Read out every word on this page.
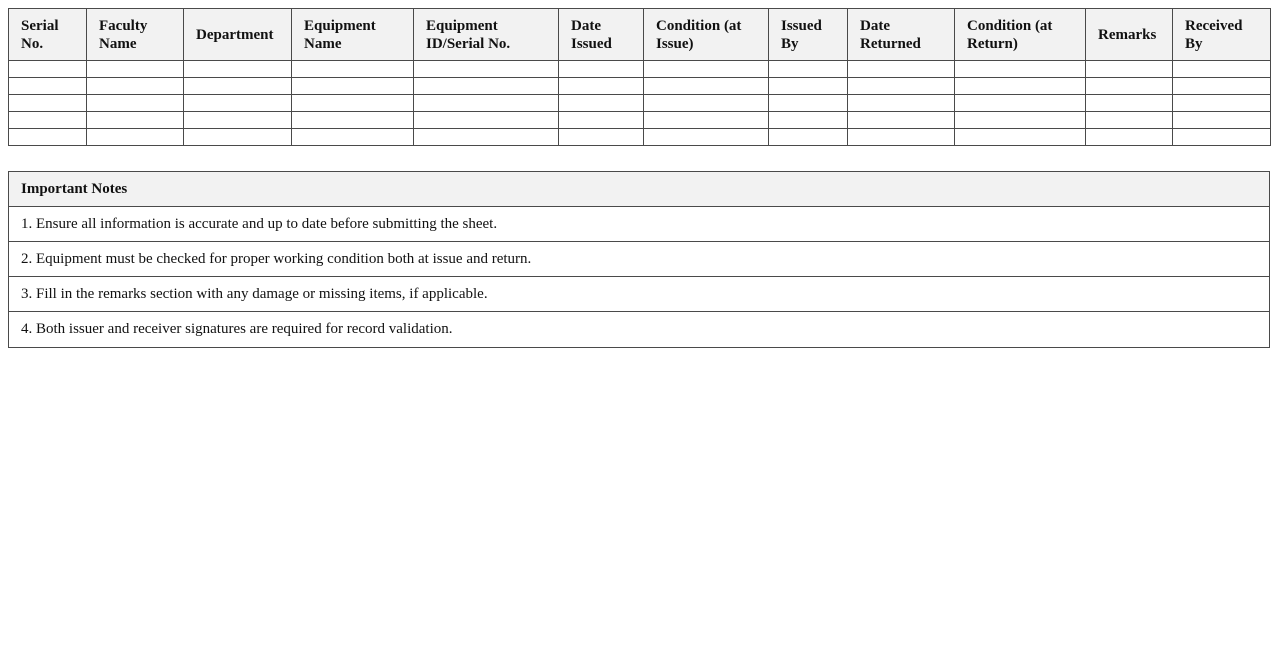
Serial No.	Faculty Name	Department	Equipment Name	Equipment ID/Serial No.	Date Issued	Condition (at Issue)	Issued By	Date Returned	Condition (at Return)	Remarks	Received By

Important Notes
1. Ensure all information is accurate and up to date before submitting the sheet.
2. Equipment must be checked for proper working condition both at issue and return.
3. Fill in the remarks section with any damage or missing items, if applicable.
4. Both issuer and receiver signatures are required for record validation.
